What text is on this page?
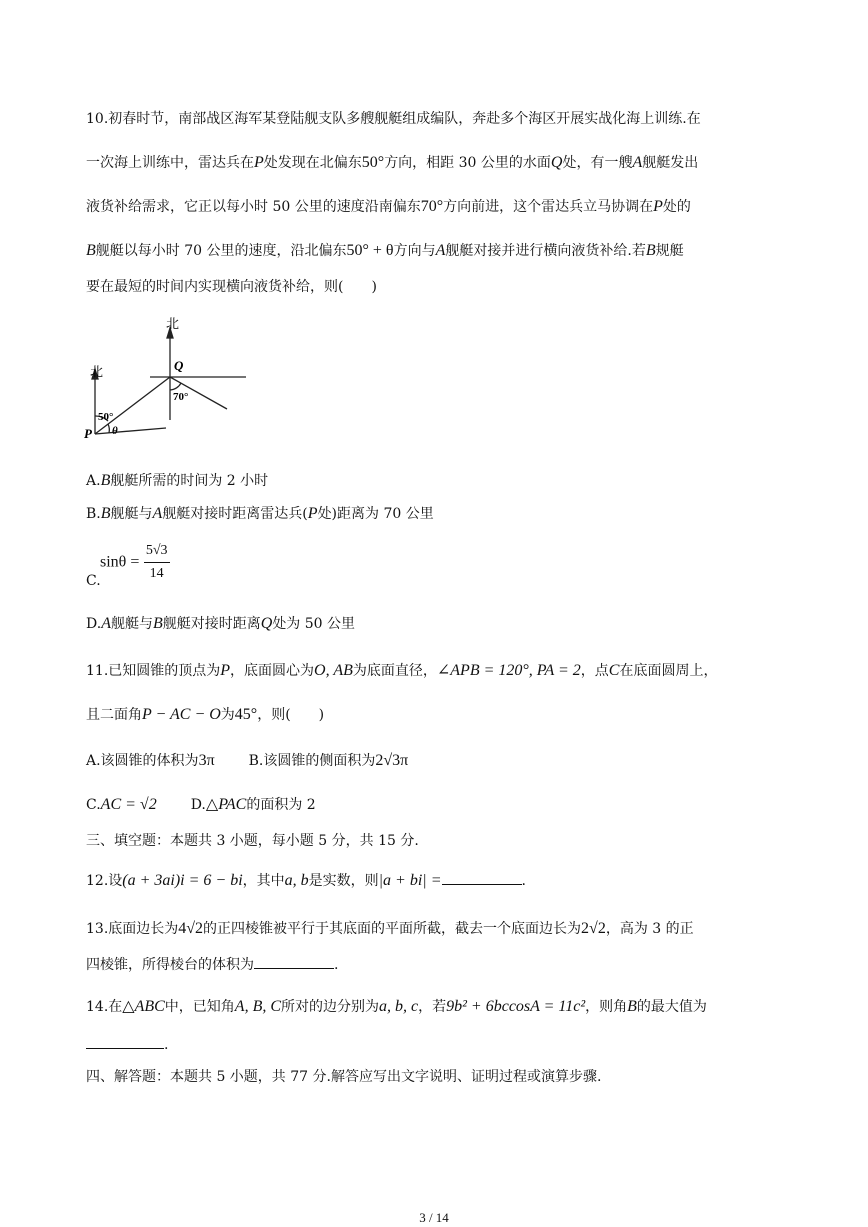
10.初春时节，南部战区海军某登陆舰支队多艘舰艇组成编队，奔赴多个海区开展实战化海上训练.在
一次海上训练中，雷达兵在P处发现在北偏东50°方向，相距 30 公里的水面Q处，有一艘A舰艇发出
液货补给需求，它正以每小时 50 公里的速度沿南偏东70°方向前进，这个雷达兵立马协调在P处的
B舰艇以每小时 70 公里的速度，沿北偏东50° + θ方向与A舰艇对接并进行横向液货补给.若B规艇
要在最短的时间内实现横向液货补给，则(　　)
北
北	Q
P
50°
θ
70°
A.B舰艇所需的时间为 2 小时
B.B舰艇与A舰艇对接时距离雷达兵(P处)距离为 70 公里
$\sin\theta = \frac{5√3}{14}$
C.
D.A舰艇与B舰艇对接时距离Q处为 50 公里
11.已知圆锥的顶点为P，底面圆心为O, AB为底面直径，∠APB = 120°, PA = 2，点C在底面圆周上，
且二面角P − AC − O为45°，则(　　)
A.该圆锥的体积为3π B.该圆锥的侧面积为2√3π
C.AC = √2 D.△PAC的面积为 2
三、填空题：本题共 3 小题，每小题 5 分，共 15 分.
12.设(a + 3ai)i = 6 − bi，其中a, b是实数，则|a + bi| =	.
13.底面边长为4√2的正四棱锥被平行于其底面的平面所截，截去一个底面边长为2√2，高为 3 的正
四棱锥，所得棱台的体积为	.
14.在△ABC中，已知角A, B, C所对的边分别为a, b, c，若9b² + 6bccosA = 11c²，则角B的最大值为
.
四、解答题：本题共 5 小题，共 77 分.解答应写出文字说明、证明过程或演算步骤.
3 / 14
